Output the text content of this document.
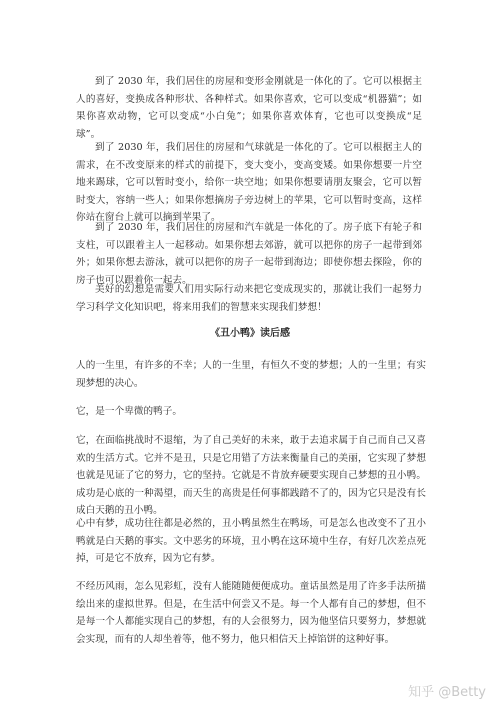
到了 2030 年，我们居住的房屋和变形金刚就是一体化的了。它可以根据主人的喜好，变换成各种形状、各种样式。如果你喜欢，它可以变成“机器猫”；如果你喜欢动物，它可以变成“小白兔”；如果你喜欢体育，它也可以变换成“足球”。

到了 2030 年，我们居住的房屋和气球就是一体化的了。它可以根据主人的需求，在不改变原来的样式的前提下，变大变小，变高变矮。如果你想要一片空地来踢球，它可以暂时变小，给你一块空地；如果你想要请朋友聚会，它可以暂时变大，容纳一些人；如果你想摘房子旁边树上的苹果，它可以暂时变高，这样你站在窗台上就可以摘到苹果了。

到了 2030 年，我们居住的房屋和汽车就是一体化的了。房子底下有轮子和支柱，可以跟着主人一起移动。如果你想去郊游，就可以把你的房子一起带到郊外；如果你想去游泳，就可以把你的房子一起带到海边；即使你想去探险，你的房子也可以跟着你一起去。

美好的幻想是需要人们用实际行动来把它变成现实的，那就让我们一起努力学习科学文化知识吧，将来用我们的智慧来实现我们梦想！

《丑小鸭》读后感

人的一生里，有许多的不幸；人的一生里，有恒久不变的梦想；人的一生里；有实现梦想的决心。

它，是一个卑微的鸭子。

它，在面临挑战时不退缩，为了自己美好的未来，敢于去追求属于自己而自己又喜欢的生活方式。它并不是丑，只是它用错了方法来衡量自己的美丽，它实现了梦想也就是见证了它的努力，它的坚持。它就是不肯放弃硬要实现自己梦想的丑小鸭。成功是心底的一种渴望，而天生的高贵是任何事都践踏不了的，因为它只是没有长成白天鹅的丑小鸭。

心中有梦，成功往往都是必然的，丑小鸭虽然生在鸭场，可是怎么也改变不了丑小鸭就是白天鹅的事实。文中恶劣的环境，丑小鸭在这环境中生存，有好几次差点死掉，可是它不放弃，因为它有梦。

不经历风雨，怎么见彩虹，没有人能随随便便成功。童话虽然是用了许多手法所描绘出来的虚拟世界。但是，在生活中何尝又不是。每一个人都有自己的梦想，但不是每一个人都能实现自己的梦想，有的人会很努力，因为他坚信只要努力，梦想就会实现，而有的人却坐着等，他不努力，他只相信天上掉馅饼的这种好事。

知乎 @Betty
